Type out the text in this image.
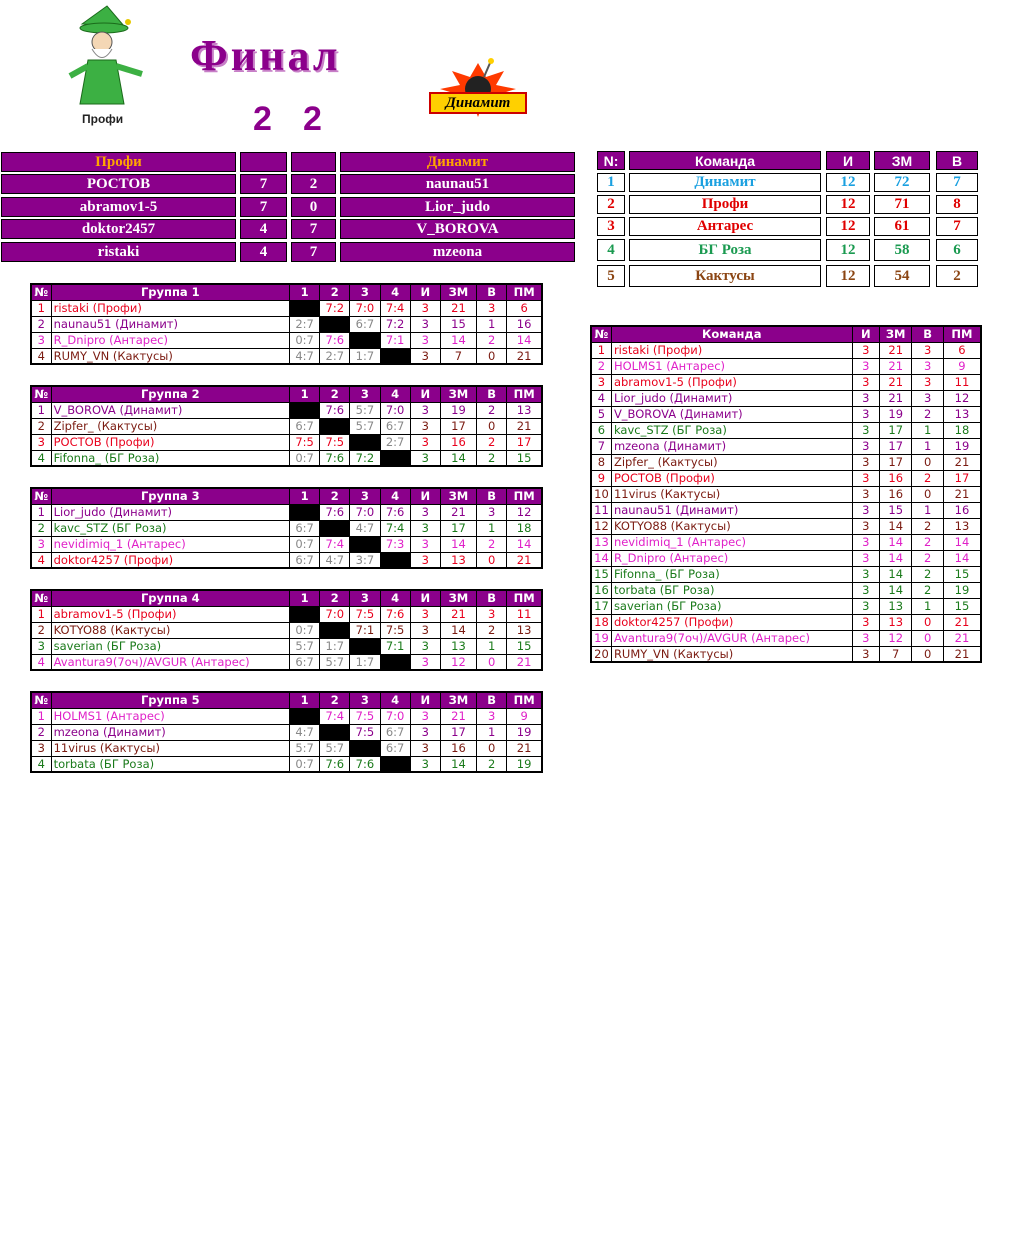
Профи
Финал
2 2	Динамит
Профи	Динамит
РОСТОВ	7	2	naunau51
abramov1-5	7	0	Lior_judo
doktor2457	4	7	V_BOROVA
ristaki	4	7	mzeona
N:	Команда	И	ЗМ	В
1	Динамит	12	72	7
2	Профи	12	71	8
3	Антарес	12	61	7
4	БГ Роза	12	58	6
5	Кактусы	12	54	2
№	Группа 1	1	2	3	4	И	ЗМ	В	ПМ
1	ristaki (Профи)		7:2	7:0	7:4	3	21	3	6
2	naunau51 (Динамит)	2:7		6:7	7:2	3	15	1	16
3	R_Dnipro (Антарес)	0:7	7:6		7:1	3	14	2	14
4	RUMY_VN (Кактусы)	4:7	2:7	1:7		3	7	0	21
№	Группа 2	1	2	3	4	И	ЗМ	В	ПМ
1	V_BOROVA (Динамит)		7:6	5:7	7:0	3	19	2	13
2	Zipfer_ (Кактусы)	6:7		5:7	6:7	3	17	0	21
3	РОСТОВ (Профи)	7:5	7:5		2:7	3	16	2	17
4	Fifonna_ (БГ Роза)	0:7	7:6	7:2		3	14	2	15
№	Группа 3	1	2	3	4	И	ЗМ	В	ПМ
1	Lior_judo (Динамит)		7:6	7:0	7:6	3	21	3	12
2	kavc_STZ (БГ Роза)	6:7		4:7	7:4	3	17	1	18
3	nevidimiq_1 (Антарес)	0:7	7:4		7:3	3	14	2	14
4	doktor4257 (Профи)	6:7	4:7	3:7		3	13	0	21
№	Группа 4	1	2	3	4	И	ЗМ	В	ПМ
1	abramov1-5 (Профи)		7:0	7:5	7:6	3	21	3	11
2	KOTYO88 (Кактусы)	0:7		7:1	7:5	3	14	2	13
3	saverian (БГ Роза)	5:7	1:7		7:1	3	13	1	15
4	Avantura9(7оч)/AVGUR (Антарес)	6:7	5:7	1:7		3	12	0	21
№	Группа 5	1	2	3	4	И	ЗМ	В	ПМ
1	HOLMS1 (Антарес)		7:4	7:5	7:0	3	21	3	9
2	mzeona (Динамит)	4:7		7:5	6:7	3	17	1	19
3	11virus (Кактусы)	5:7	5:7		6:7	3	16	0	21
4	torbata (БГ Роза)	0:7	7:6	7:6		3	14	2	19
№	Команда	И	ЗМ	В	ПМ
1	ristaki (Профи)	3	21	3	6
2	HOLMS1 (Антарес)	3	21	3	9
3	abramov1-5 (Профи)	3	21	3	11
4	Lior_judo (Динамит)	3	21	3	12
5	V_BOROVA (Динамит)	3	19	2	13
6	kavc_STZ (БГ Роза)	3	17	1	18
7	mzeona (Динамит)	3	17	1	19
8	Zipfer_ (Кактусы)	3	17	0	21
9	РОСТОВ (Профи)	3	16	2	17
10	11virus (Кактусы)	3	16	0	21
11	naunau51 (Динамит)	3	15	1	16
12	KOTYO88 (Кактусы)	3	14	2	13
13	nevidimiq_1 (Антарес)	3	14	2	14
14	R_Dnipro (Антарес)	3	14	2	14
15	Fifonna_ (БГ Роза)	3	14	2	15
16	torbata (БГ Роза)	3	14	2	19
17	saverian (БГ Роза)	3	13	1	15
18	doktor4257 (Профи)	3	13	0	21
19	Avantura9(7оч)/AVGUR (Антарес)	3	12	0	21
20	RUMY_VN (Кактусы)	3	7	0	21
